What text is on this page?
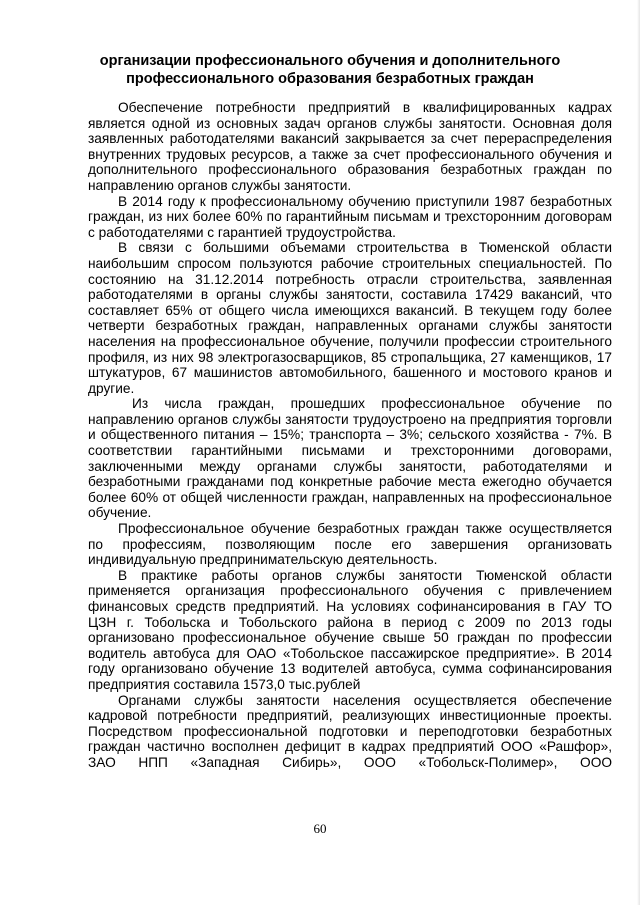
организации профессионального обучения и дополнительного
профессионального образования безработных граждан

Обеспечение потребности предприятий в квалифицированных кадрах является одной из основных задач органов службы занятости. Основная доля заявленных работодателями вакансий закрывается за счет перераспределения внутренних трудовых ресурсов, а также за счет профессионального обучения и дополнительного профессионального образования безработных граждан по направлению органов службы занятости.

В 2014 году к профессиональному обучению приступили 1987 безработных граждан, из них более 60% по гарантийным письмам и трехсторонним договорам с работодателями с гарантией трудоустройства.

В связи с большими объемами строительства в Тюменской области наибольшим спросом пользуются рабочие строительных специальностей. По состоянию на 31.12.2014 потребность отрасли строительства, заявленная работодателями в органы службы занятости, составила 17429 вакансий, что составляет 65% от общего числа имеющихся вакансий. В текущем году более четверти безработных граждан, направленных органами службы занятости населения на профессиональное обучение, получили профессии строительного профиля, из них 98 электрогазосварщиков, 85 стропальщика, 27 каменщиков, 17 штукатуров, 67 машинистов автомобильного, башенного и мостового кранов и другие.

Из числа граждан, прошедших профессиональное обучение по направлению органов службы занятости трудоустроено на предприятия торговли и общественного питания – 15%; транспорта – 3%; сельского хозяйства - 7%. В соответствии гарантийными письмами и трехсторонними договорами, заключенными между органами службы занятости, работодателями и безработными гражданами под конкретные рабочие места ежегодно обучается более 60% от общей численности граждан, направленных на профессиональное обучение.

Профессиональное обучение безработных граждан также осуществляется по профессиям, позволяющим после его завершения организовать индивидуальную предпринимательскую деятельность.

В практике работы органов службы занятости Тюменской области применяется организация профессионального обучения с привлечением финансовых средств предприятий. На условиях софинансирования в ГАУ ТО ЦЗН г. Тобольска и Тобольского района в период с 2009 по 2013 годы организовано профессиональное обучение свыше 50 граждан по профессии водитель автобуса для ОАО «Тобольское пассажирское предприятие». В 2014 году организовано обучение 13 водителей автобуса, сумма софинансирования предприятия составила 1573,0 тыс.рублей

Органами службы занятости населения осуществляется обеспечение кадровой потребности предприятий, реализующих инвестиционные проекты. Посредством профессиональной подготовки и переподготовки безработных граждан частично восполнен дефицит в кадрах предприятий ООО «Рашфор», ЗАО НПП «Западная Сибирь», ООО «Тобольск-Полимер», ООО

60
